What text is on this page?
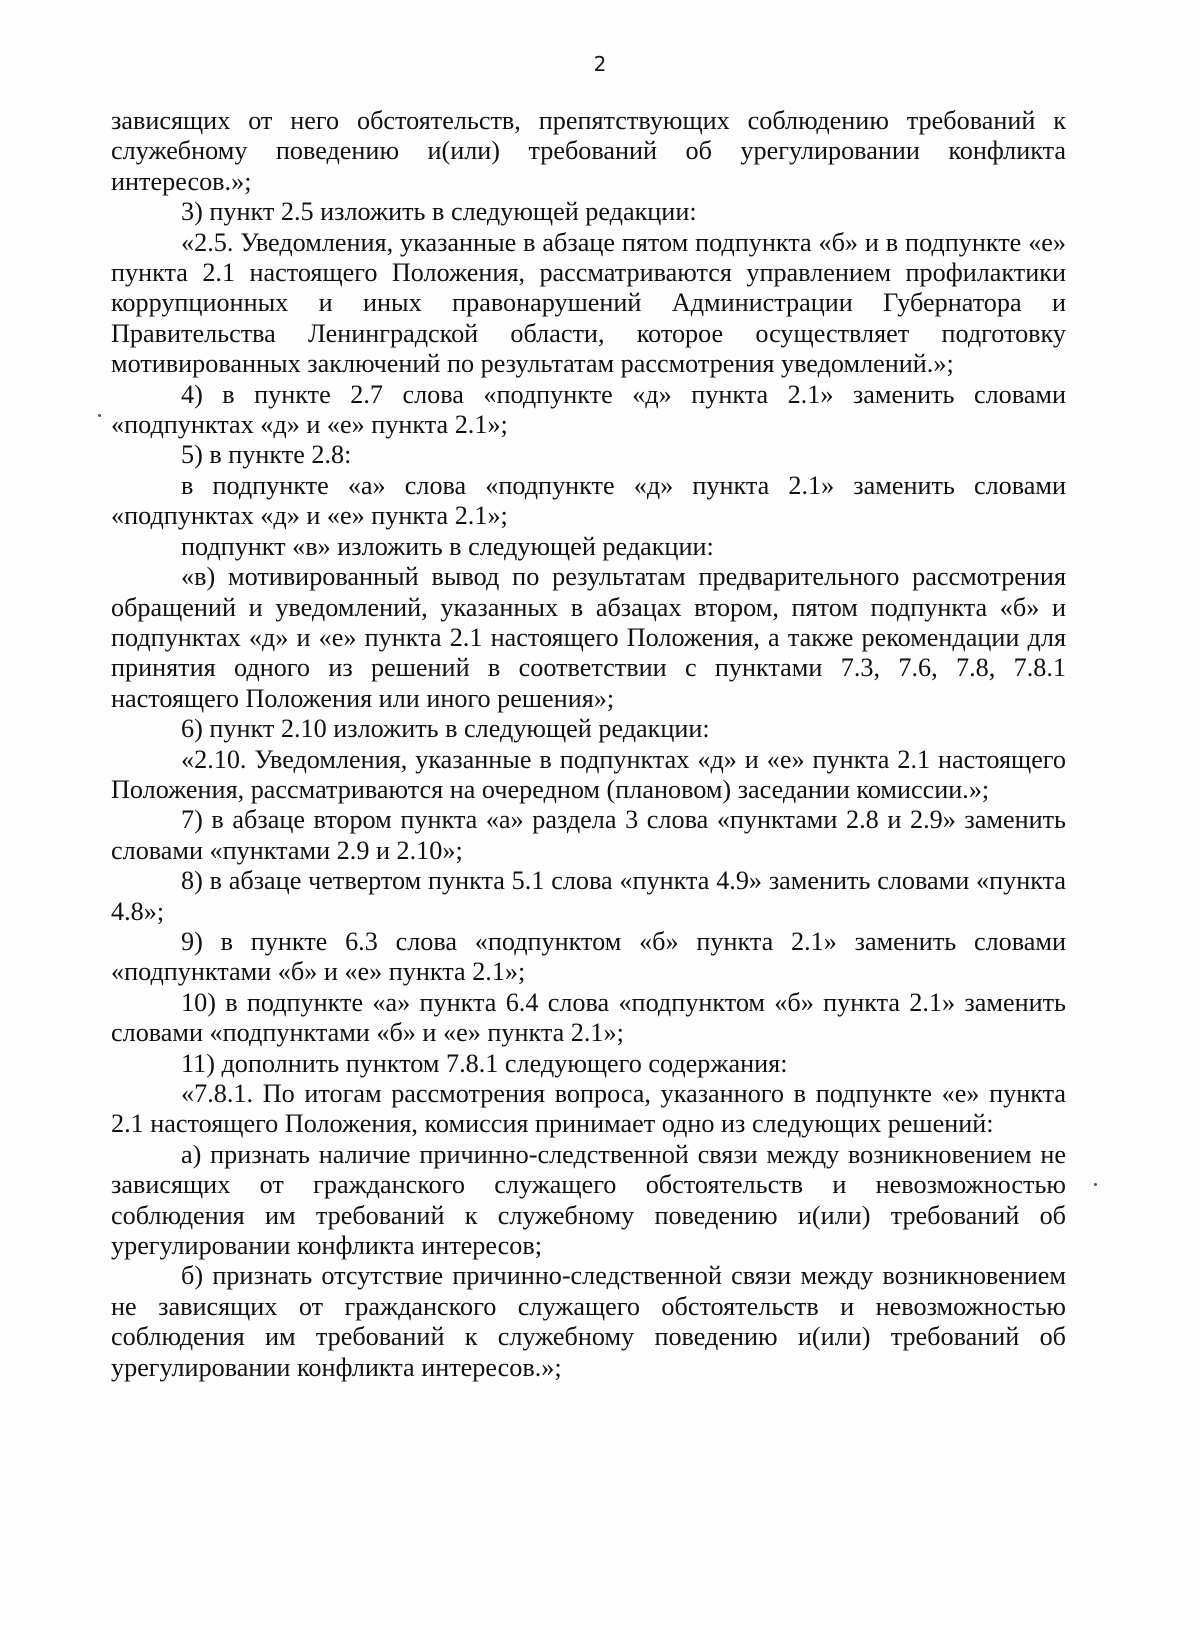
2

зависящих от него обстоятельств, препятствующих соблюдению требований к служебному поведению и(или) требований об урегулировании конфликта интересов.»;

3) пункт 2.5 изложить в следующей редакции:

«2.5. Уведомления, указанные в абзаце пятом подпункта «б» и в подпункте «е» пункта 2.1 настоящего Положения, рассматриваются управлением профилактики коррупционных и иных правонарушений Администрации Губернатора и Правительства Ленинградской области, которое осуществляет подготовку мотивированных заключений по результатам рассмотрения уведомлений.»;

4) в пункте 2.7 слова «подпункте «д» пункта 2.1» заменить словами «подпунктах «д» и «е» пункта 2.1»;

5) в пункте 2.8:

в подпункте «а» слова «подпункте «д» пункта 2.1» заменить словами «подпунктах «д» и «е» пункта 2.1»;

подпункт «в» изложить в следующей редакции:

«в) мотивированный вывод по результатам предварительного рассмотрения обращений и уведомлений, указанных в абзацах втором, пятом подпункта «б» и подпунктах «д» и «е» пункта 2.1 настоящего Положения, а также рекомендации для принятия одного из решений в соответствии с пунктами 7.3, 7.6, 7.8, 7.8.1 настоящего Положения или иного решения»;

6) пункт 2.10 изложить в следующей редакции:

«2.10. Уведомления, указанные в подпунктах «д» и «е» пункта 2.1 настоящего Положения, рассматриваются на очередном (плановом) заседании комиссии.»;

7) в абзаце втором пункта «а» раздела 3 слова «пунктами 2.8 и 2.9» заменить словами «пунктами 2.9 и 2.10»;

8) в абзаце четвертом пункта 5.1 слова «пункта 4.9» заменить словами «пункта 4.8»;

9) в пункте 6.3 слова «подпунктом «б» пункта 2.1» заменить словами «подпунктами «б» и «е» пункта 2.1»;

10) в подпункте «а» пункта 6.4 слова «подпунктом «б» пункта 2.1» заменить словами «подпунктами «б» и «е» пункта 2.1»;

11) дополнить пунктом 7.8.1 следующего содержания:

«7.8.1. По итогам рассмотрения вопроса, указанного в подпункте «е» пункта 2.1 настоящего Положения, комиссия принимает одно из следующих решений:

а) признать наличие причинно-следственной связи между возникновением не зависящих от гражданского служащего обстоятельств и невозможностью соблюдения им требований к служебному поведению и(или) требований об урегулировании конфликта интересов;

б) признать отсутствие причинно-следственной связи между возникновением не зависящих от гражданского служащего обстоятельств и невозможностью соблюдения им требований к служебному поведению и(или) требований об урегулировании конфликта интересов.»;
